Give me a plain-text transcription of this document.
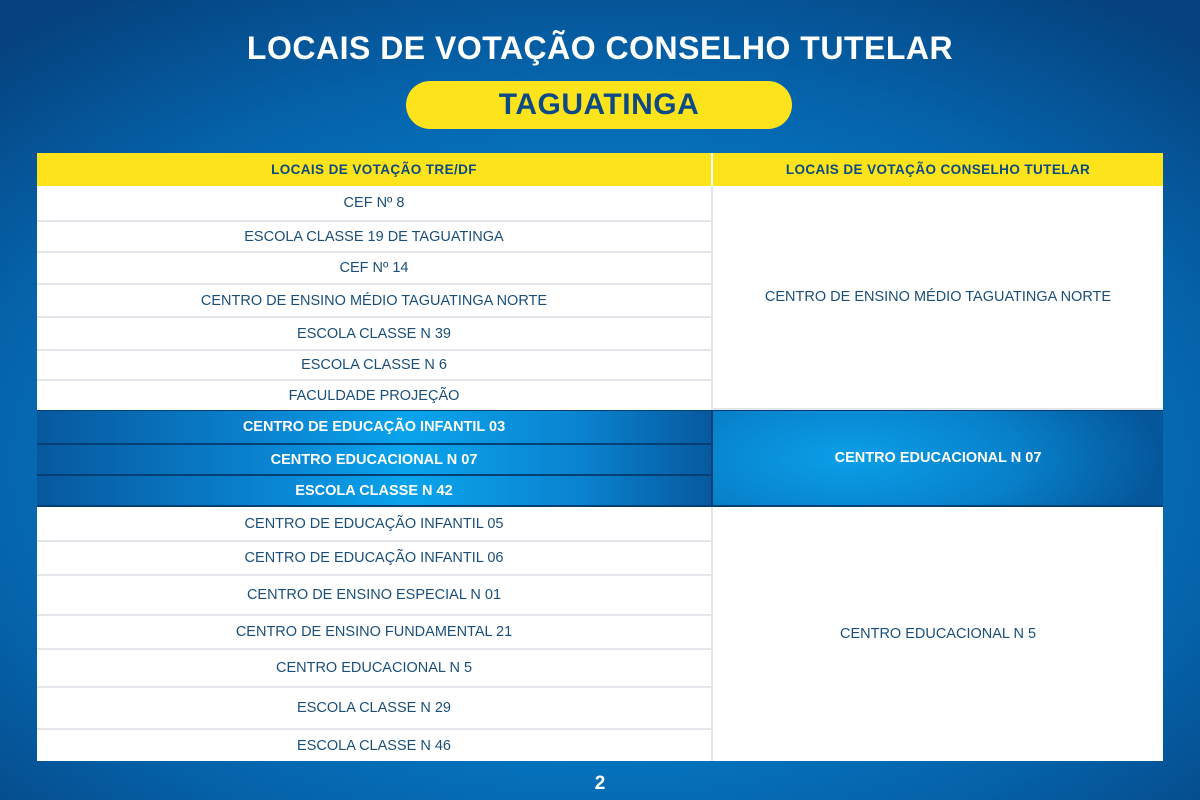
LOCAIS DE VOTAÇÃO CONSELHO TUTELAR
TAGUATINGA
LOCAIS DE VOTAÇÃO TRE/DF	LOCAIS DE VOTAÇÃO CONSELHO TUTELAR
CEF Nº 8
ESCOLA CLASSE 19 DE TAGUATINGA
CEF Nº 14
CENTRO DE ENSINO MÉDIO TAGUATINGA NORTE
ESCOLA CLASSE N 39
ESCOLA CLASSE N 6
FACULDADE PROJEÇÃO
CENTRO DE ENSINO MÉDIO TAGUATINGA NORTE
CENTRO DE EDUCAÇÃO INFANTIL 03
CENTRO EDUCACIONAL N 07
ESCOLA CLASSE N 42
CENTRO EDUCACIONAL N 07
CENTRO DE EDUCAÇÃO INFANTIL 05
CENTRO DE EDUCAÇÃO INFANTIL 06
CENTRO DE ENSINO ESPECIAL N 01
CENTRO DE ENSINO FUNDAMENTAL 21
CENTRO EDUCACIONAL N 5
ESCOLA CLASSE N 29
ESCOLA CLASSE N 46
CENTRO EDUCACIONAL N 5
2
